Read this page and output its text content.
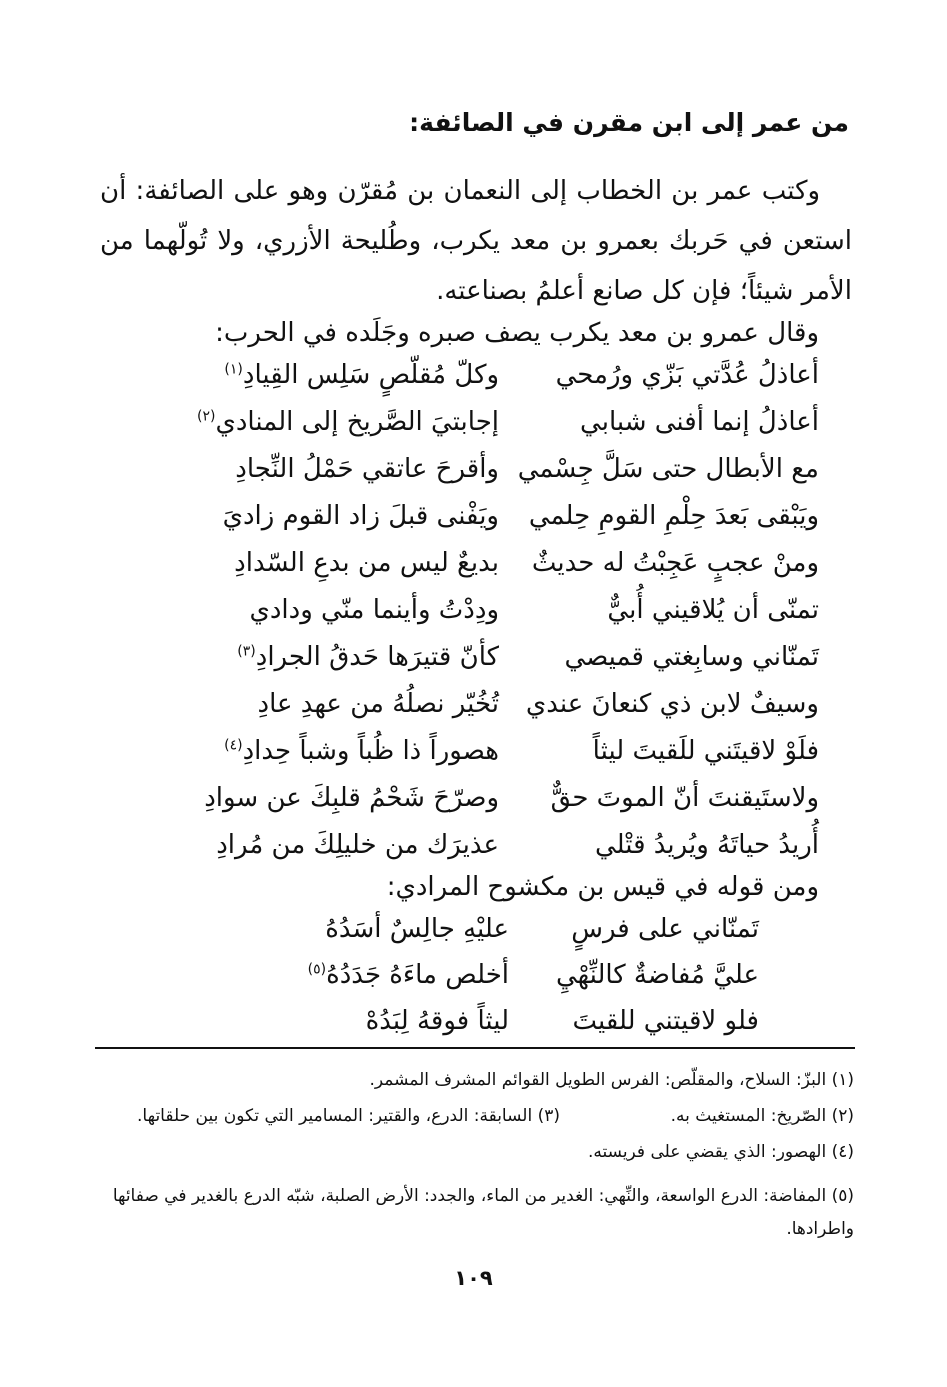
من عمر إلى ابن مقرن في الصائفة:

وكتب عمر بن الخطاب إلى النعمان بن مُقرّن وهو على الصائفة: أن استعن في حَربك بعمرو بن معد يكرب، وطُليحة الأزري، ولا تُولّهما من الأمر شيئاً؛ فإن كل صانع أعلمُ بصناعته.

وقال عمرو بن معد يكرب يصف صبره وجَلَده في الحرب:
أعاذلُ عُدَّتي بَزّي ورُمحي
وكلّ مُقلّصٍ سَلِس القِيادِ$^{(١)}$
أعاذلُ إنما أفنى شبابي
إجابتيَ الصَّريخ إلى المنادي$^{(٢)}$
مع الأبطال حتى سَلَّ جِسْمي
وأقرحَ عاتقي حَمْلُ النِّجادِ
ويَبْقى بَعدَ حِلْمِ القومِ حِلمي
ويَفْنى قبلَ زاد القوم زاديَ
ومنْ عجبٍ عَجِبْتُ له حديثٌ
بديعٌ ليس من بدعِ السّدادِ
تمنّى أن يُلاقيني أُبيٌّ
ودِدْتُ وأينما منّي ودادي
تَمنّاني وسابِغتي قميصي
كأنّ قتيرَها حَدقُ الجرادِ$^{(٣)}$
وسيفٌ لابن ذي كنعانَ عندي
تُخُيّر نصلُهُ من عهدِ عادِ
فلَوْ لاقيتَني للَقيتَ ليثاً
هصوراً ذا ظُباً وشباً حِدادِ$^{(٤)}$
ولاستَيقنتَ أنّ الموتَ حقٌّ
وصرّحَ شَحْمُ قلبِكَ عن سوادِ
أُريدُ حياتَهُ ويُريدُ قتْلي
عذيرَك من خليلِكَ من مُرادِ
ومن قوله في قيس بن مكشوح المرادي:
تَمنّاني على فرسٍ
عليْهِ جالِسٌ أسَدُهُ
عليَّ مُفاضةٌ كالنِّهْيِ
أخلص ماءَهُ جَدَدُهُ$^{(٥)}$
فلو لاقيتني للقيتَ
ليثاً فوقهُ لِبَدُهْ
(١) البزّ: السلاح، والمقلّص: الفرس الطويل القوائم المشرف المشمر.
(٢) الصّريخ: المستغيث به.
(٣) السابقة: الدرع، والقتير: المسامير التي تكون بين حلقاتها.
(٤) الهصور: الذي يقضي على فريسته.
(٥) المفاضة: الدرع الواسعة، والنِّهي: الغدير من الماء، والجدد: الأرض الصلبة، شبّه الدرع بالغدير في صفائها واطرادها.
١٠٩
